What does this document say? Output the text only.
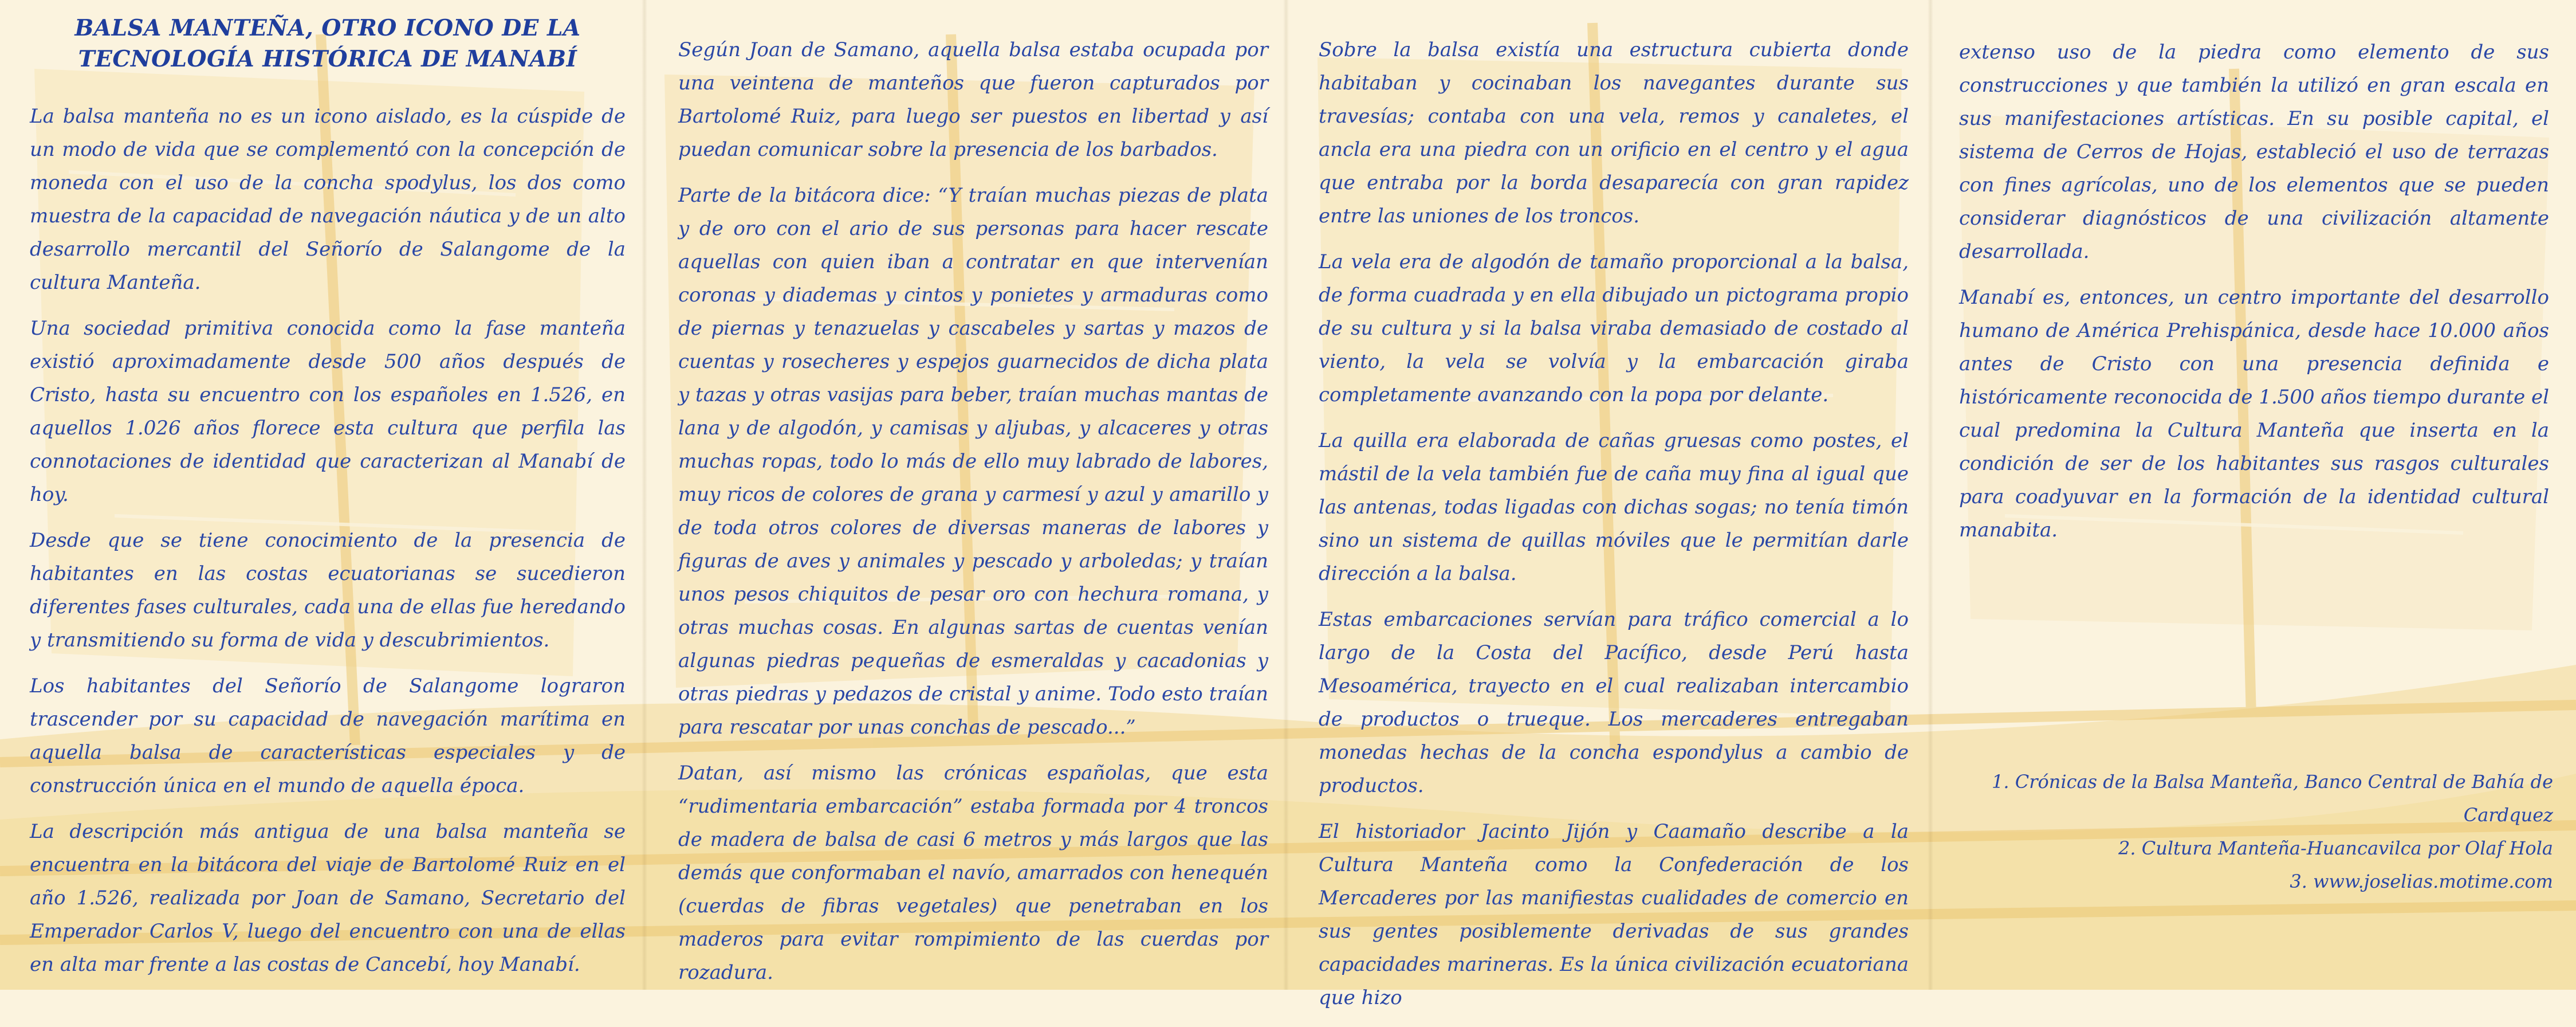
BALSA MANTEÑA, OTRO ICONO DE LA
TECNOLOGÍA HISTÓRICA DE MANABÍ

La balsa manteña no es un icono aislado, es la cúspide de un modo de vida que se complementó con la concepción de moneda con el uso de la concha spodylus, los dos como muestra de la capacidad de navegación náutica y de un alto desarrollo mercantil del Señorío de Salangome de la cultura Manteña.

Una sociedad primitiva conocida como la fase manteña existió aproximadamente desde 500 años después de Cristo, hasta su encuentro con los españoles en 1.526, en aquellos 1.026 años florece esta cultura que perfila las connotaciones de identidad que caracterizan al Manabí de hoy.

Desde que se tiene conocimiento de la presencia de habitantes en las costas ecuatorianas se sucedieron diferentes fases culturales, cada una de ellas fue heredando y transmitiendo su forma de vida y descubrimientos.

Los habitantes del Señorío de Salangome lograron trascender por su capacidad de navegación marítima en aquella balsa de características especiales y de construcción única en el mundo de aquella época.

La descripción más antigua de una balsa manteña se encuentra en la bitácora del viaje de Bartolomé Ruiz en el año 1.526, realizada por Joan de Samano, Secretario del Emperador Carlos V, luego del encuentro con una de ellas en alta mar frente a las costas de Cancebí, hoy Manabí.

Según Joan de Samano, aquella balsa estaba ocupada por una veintena de manteños que fueron capturados por Bartolomé Ruiz, para luego ser puestos en libertad y así puedan comunicar sobre la presencia de los barbados.

Parte de la bitácora dice: “Y traían muchas piezas de plata y de oro con el ario de sus personas para hacer rescate aquellas con quien iban a contratar en que intervenían coronas y diademas y cintos y ponietes y armaduras como de piernas y tenazuelas y cascabeles y sartas y mazos de cuentas y rosecheres y espejos guarnecidos de dicha plata y tazas y otras vasijas para beber, traían muchas mantas de lana y de algodón, y camisas y aljubas, y alcaceres y otras muchas ropas, todo lo más de ello muy labrado de labores, muy ricos de colores de grana y carmesí y azul y amarillo y de toda otros colores de diversas maneras de labores y figuras de aves y animales y pescado y arboledas; y traían unos pesos chiquitos de pesar oro con hechura romana, y otras muchas cosas. En algunas sartas de cuentas venían algunas piedras pequeñas de esmeraldas y cacadonias y otras piedras y pedazos de cristal y anime. Todo esto traían para rescatar por unas conchas de pescado...”

Datan, así mismo las crónicas españolas, que esta “rudimentaria embarcación” estaba formada por 4 troncos de madera de balsa de casi 6 metros y más largos que las demás que conformaban el navío, amarrados con henequén (cuerdas de fibras vegetales) que penetraban en los maderos para evitar rompimiento de las cuerdas por rozadura.

Sobre la balsa existía una estructura cubierta donde habitaban y cocinaban los navegantes durante sus travesías; contaba con una vela, remos y canaletes, el ancla era una piedra con un orificio en el centro y el agua que entraba por la borda desaparecía con gran rapidez entre las uniones de los troncos.

La vela era de algodón de tamaño proporcional a la balsa, de forma cuadrada y en ella dibujado un pictograma propio de su cultura y si la balsa viraba demasiado de costado al viento, la vela se volvía y la embarcación giraba completamente avanzando con la popa por delante.

La quilla era elaborada de cañas gruesas como postes, el mástil de la vela también fue de caña muy fina al igual que las antenas, todas ligadas con dichas sogas; no tenía timón sino un sistema de quillas móviles que le permitían darle dirección a la balsa.

Estas embarcaciones servían para tráfico comercial a lo largo de la Costa del Pacífico, desde Perú hasta Mesoamérica, trayecto en el cual realizaban intercambio de productos o trueque. Los mercaderes entregaban monedas hechas de la concha espondylus a cambio de productos.

El historiador Jacinto Jijón y Caamaño describe a la Cultura Manteña como la Confederación de los Mercaderes por las manifiestas cualidades de comercio en sus gentes posiblemente derivadas de sus grandes capacidades marineras. Es la única civilización ecuatoriana que hizo

extenso uso de la piedra como elemento de sus construcciones y que también la utilizó en gran escala en sus manifestaciones artísticas. En su posible capital, el sistema de Cerros de Hojas, estableció el uso de terrazas con fines agrícolas, uno de los elementos que se pueden considerar diagnósticos de una civilización altamente desarrollada.

Manabí es, entonces, un centro importante del desarrollo humano de América Prehispánica, desde hace 10.000 años antes de Cristo con una presencia definida e históricamente reconocida de 1.500 años tiempo durante el cual predomina la Cultura Manteña que inserta en la condición de ser de los habitantes sus rasgos culturales para coadyuvar en la formación de la identidad cultural manabita.

1. Crónicas de la Balsa Manteña, Banco Central de Bahía de
Cardquez
2. Cultura Manteña-Huancavilca por Olaf Hola
3. www.joselias.motime.com
